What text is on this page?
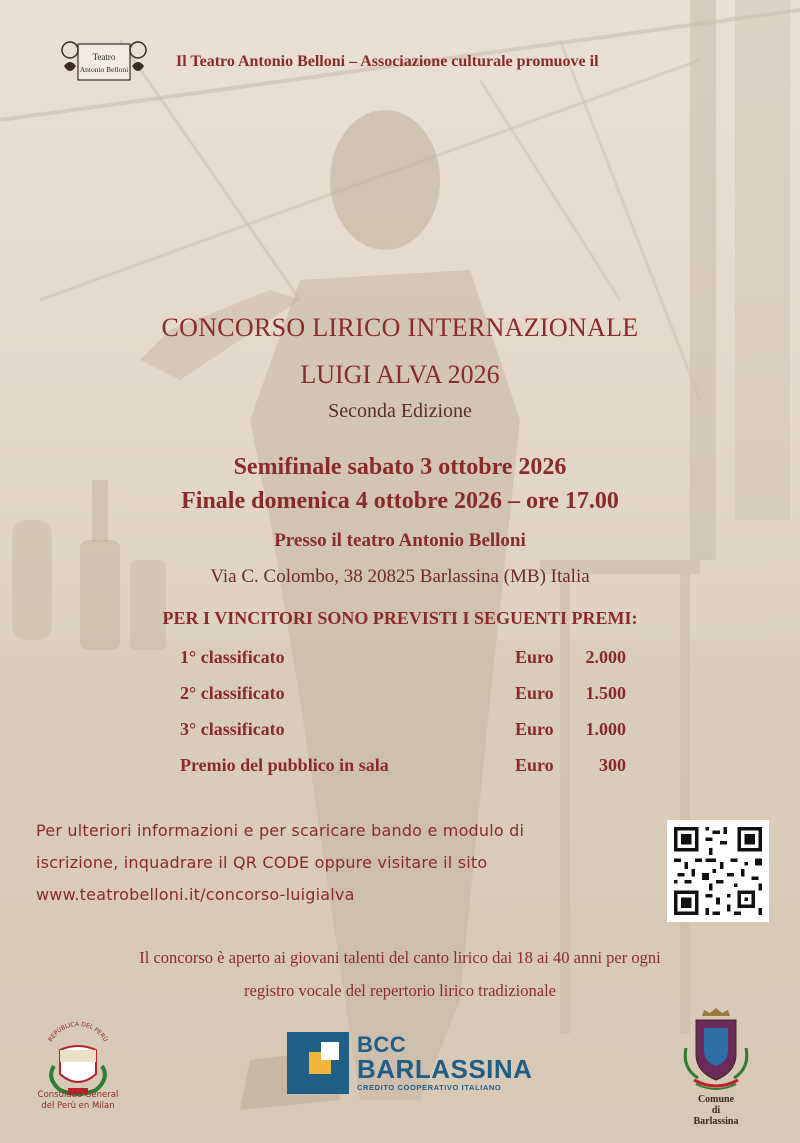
Teatro
Antonio Belloni	Il Teatro Antonio Belloni – Associazione culturale promuove il
CONCORSO LIRICO INTERNAZIONALE
LUIGI ALVA 2026
Seconda Edizione
Semifinale sabato 3 ottobre 2026
Finale domenica 4 ottobre 2026 – ore 17.00
Presso il teatro Antonio Belloni
Via C. Colombo, 38 20825 Barlassina (MB) Italia
PER I VINCITORI SONO PREVISTI I SEGUENTI PREMI:
1° classificato	Euro 2.000
2° classificato	Euro 1.500
3° classificato	Euro 1.000
Premio del pubblico in sala	Euro	300
Per ulteriori informazioni e per scaricare bando e modulo di
iscrizione, inquadrare il QR CODE oppure visitare il sito
www.teatrobelloni.it/concorso-luigialva
Il concorso è aperto ai giovani talenti del canto lirico dai 18 ai 40 anni per ogni
registro vocale del repertorio lirico tradizionale
REPÚBLICA DEL PERÚ
Consulado General
del Perù en Milan
BCC
BARLASSINA
CREDITO COOPERATIVO ITALIANO
Comune
di
Barlassina
